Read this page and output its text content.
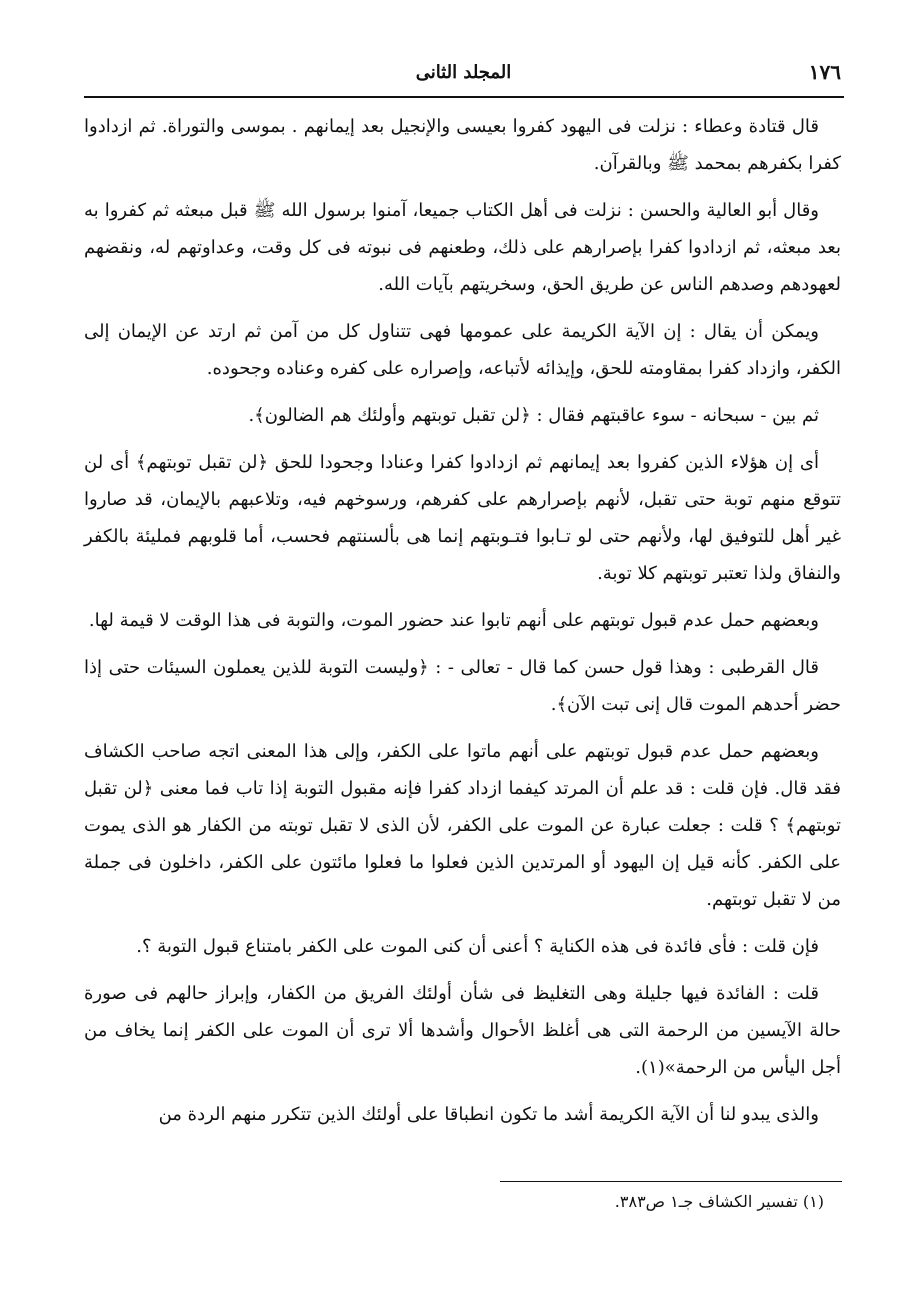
١٧٦
المجلد الثانى

قال قتادة وعطاء : نزلت فى اليهود كفروا بعيسى والإنجيل بعد إيمانهم . بموسى والتوراة. ثم ازدادوا كفرا بكفرهم بمحمد ﷺ وبالقرآن.

وقال أبو العالية والحسن : نزلت فى أهل الكتاب جميعا، آمنوا برسول الله ﷺ قبل مبعثه ثم كفروا به بعد مبعثه، ثم ازدادوا كفرا بإصرارهم على ذلك، وطعنهم فى نبوته فى كل وقت، وعداوتهم له، ونقضهم لعهودهم وصدهم الناس عن طريق الحق، وسخريتهم بآيات الله.

ويمكن أن يقال : إن الآية الكريمة على عمومها فهى تتناول كل من آمن ثم ارتد عن الإيمان إلى الكفر، وازداد كفرا بمقاومته للحق، وإيذائه لأتباعه، وإصراره على كفره وعناده وجحوده.

ثم بين - سبحانه - سوء عاقبتهم فقال : ﴿لن تقبل توبتهم وأولئك هم الضالون﴾.

أى إن هؤلاء الذين كفروا بعد إيمانهم ثم ازدادوا كفرا وعنادا وجحودا للحق ﴿لن تقبل توبتهم﴾ أى لن تتوقع منهم توبة حتى تقبل، لأنهم بإصرارهم على كفرهم، ورسوخهم فيه، وتلاعبهم بالإيمان، قد صاروا غير أهل للتوفيق لها، ولأنهم حتى لو تـابوا فتـوبتهم إنما هى بألسنتهم فحسب، أما قلوبهم فمليئة بالكفر والنفاق ولذا تعتبر توبتهم كلا توبة.

وبعضهم حمل عدم قبول توبتهم على أنهم تابوا عند حضور الموت، والتوبة فى هذا الوقت لا قيمة لها.

قال القرطبى : وهذا قول حسن كما قال - تعالى - : ﴿وليست التوبة للذين يعملون السيئات حتى إذا حضر أحدهم الموت قال إنى تبت الآن﴾.

وبعضهم حمل عدم قبول توبتهم على أنهم ماتوا على الكفر، وإلى هذا المعنى اتجه صاحب الكشاف فقد قال. فإن قلت : قد علم أن المرتد كيفما ازداد كفرا فإنه مقبول التوبة إذا تاب فما معنى ﴿لن تقبل توبتهم﴾ ؟ قلت : جعلت عبارة عن الموت على الكفر، لأن الذى لا تقبل توبته من الكفار هو الذى يموت على الكفر. كأنه قيل إن اليهود أو المرتدين الذين فعلوا ما فعلوا مائتون على الكفر، داخلون فى جملة من لا تقبل توبتهم.

فإن قلت : فأى فائدة فى هذه الكناية ؟ أعنى أن كنى الموت على الكفر بامتناع قبول التوبة ؟.

قلت : الفائدة فيها جليلة وهى التغليظ فى شأن أولئك الفريق من الكفار، وإبراز حالهم فى صورة حالة الآيسين من الرحمة التى هى أغلظ الأحوال وأشدها ألا ترى أن الموت على الكفر إنما يخاف من أجل اليأس من الرحمة»(١).

والذى يبدو لنا أن الآية الكريمة أشد ما تكون انطباقا على أولئك الذين تتكرر منهم الردة من

(١) تفسير الكشاف جـ١ ص٣٨٣.
